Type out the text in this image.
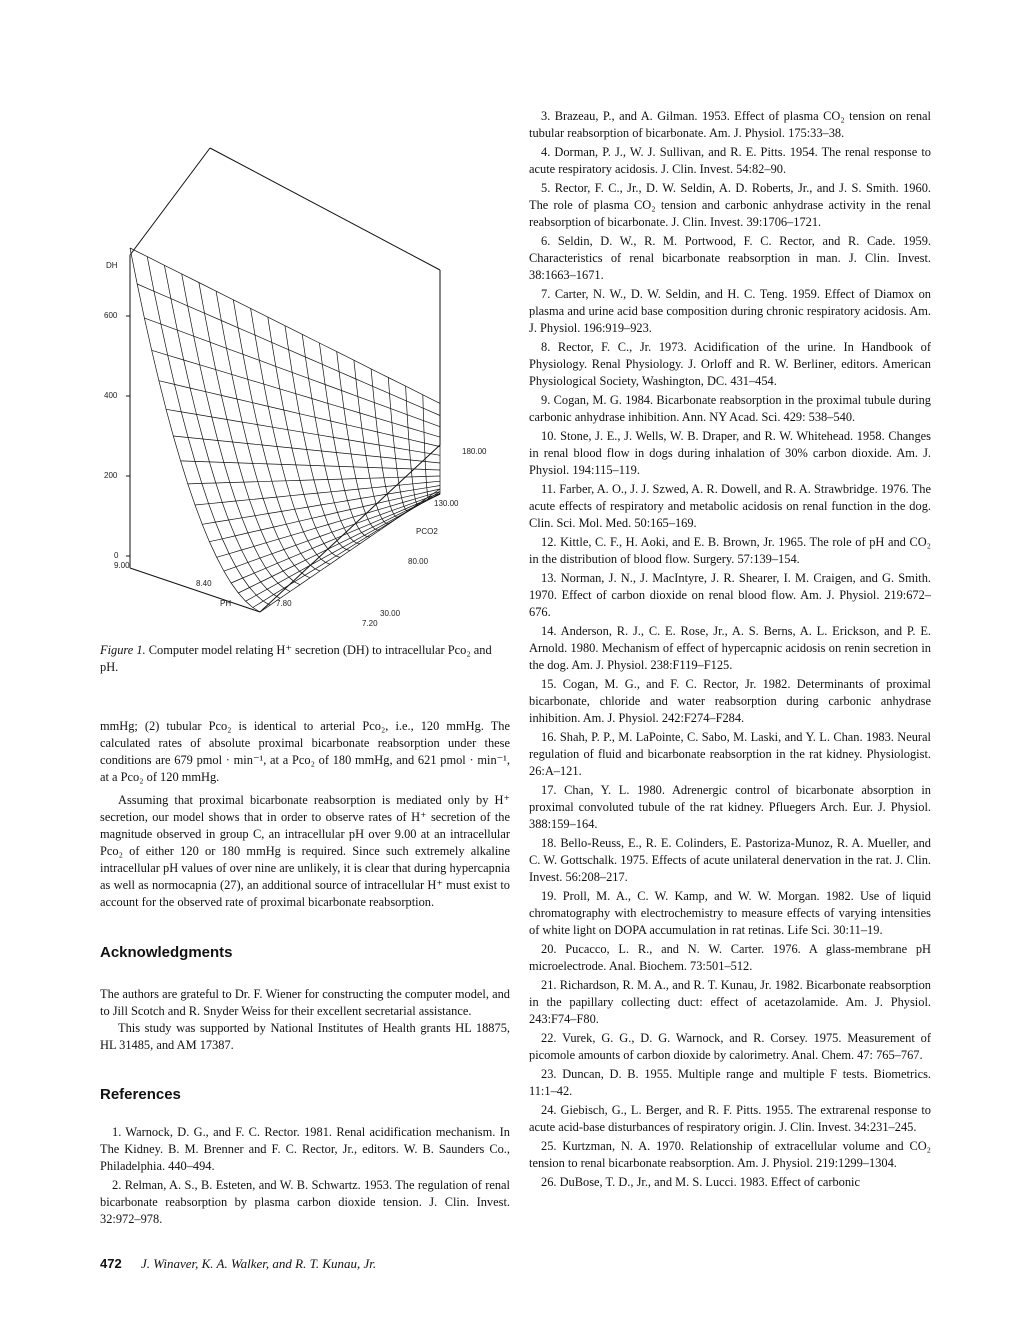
DH
600
400
200
0
9.00
8.40
7.80
7.20
PH
180.00
130.00
80.00
30.00
PCO2
Figure 1. Computer model relating H⁺ secretion (DH) to intracellular Pco₂ and pH.

mmHg; (2) tubular Pco₂ is identical to arterial Pco₂, i.e., 120 mmHg. The calculated rates of absolute proximal bicarbonate reabsorption under these conditions are 679 pmol · min⁻¹, at a Pco₂ of 180 mmHg, and 621 pmol · min⁻¹, at a Pco₂ of 120 mmHg.

Assuming that proximal bicarbonate reabsorption is mediated only by H⁺ secretion, our model shows that in order to observe rates of H⁺ secretion of the magnitude observed in group C, an intracellular pH over 9.00 at an intracellular Pco₂ of either 120 or 180 mmHg is required. Since such extremely alkaline intracellular pH values of over nine are unlikely, it is clear that during hypercapnia as well as normocapnia (27), an additional source of intracellular H⁺ must exist to account for the observed rate of proximal bicarbonate reabsorption.

Acknowledgments

The authors are grateful to Dr. F. Wiener for constructing the computer model, and to Jill Scotch and R. Snyder Weiss for their excellent secretarial assistance.

This study was supported by National Institutes of Health grants HL 18875, HL 31485, and AM 17387.

References

1. Warnock, D. G., and F. C. Rector. 1981. Renal acidification mechanism. In The Kidney. B. M. Brenner and F. C. Rector, Jr., editors. W. B. Saunders Co., Philadelphia. 440–494.

2. Relman, A. S., B. Esteten, and W. B. Schwartz. 1953. The regulation of renal bicarbonate reabsorption by plasma carbon dioxide tension. J. Clin. Invest. 32:972–978.

3. Brazeau, P., and A. Gilman. 1953. Effect of plasma CO₂ tension on renal tubular reabsorption of bicarbonate. Am. J. Physiol. 175:33–38.

4. Dorman, P. J., W. J. Sullivan, and R. E. Pitts. 1954. The renal response to acute respiratory acidosis. J. Clin. Invest. 54:82–90.

5. Rector, F. C., Jr., D. W. Seldin, A. D. Roberts, Jr., and J. S. Smith. 1960. The role of plasma CO₂ tension and carbonic anhydrase activity in the renal reabsorption of bicarbonate. J. Clin. Invest. 39:1706–1721.

6. Seldin, D. W., R. M. Portwood, F. C. Rector, and R. Cade. 1959. Characteristics of renal bicarbonate reabsorption in man. J. Clin. Invest. 38:1663–1671.

7. Carter, N. W., D. W. Seldin, and H. C. Teng. 1959. Effect of Diamox on plasma and urine acid base composition during chronic respiratory acidosis. Am. J. Physiol. 196:919–923.

8. Rector, F. C., Jr. 1973. Acidification of the urine. In Handbook of Physiology. Renal Physiology. J. Orloff and R. W. Berliner, editors. American Physiological Society, Washington, DC. 431–454.

9. Cogan, M. G. 1984. Bicarbonate reabsorption in the proximal tubule during carbonic anhydrase inhibition. Ann. NY Acad. Sci. 429: 538–540.

10. Stone, J. E., J. Wells, W. B. Draper, and R. W. Whitehead. 1958. Changes in renal blood flow in dogs during inhalation of 30% carbon dioxide. Am. J. Physiol. 194:115–119.

11. Farber, A. O., J. J. Szwed, A. R. Dowell, and R. A. Strawbridge. 1976. The acute effects of respiratory and metabolic acidosis on renal function in the dog. Clin. Sci. Mol. Med. 50:165–169.

12. Kittle, C. F., H. Aoki, and E. B. Brown, Jr. 1965. The role of pH and CO₂ in the distribution of blood flow. Surgery. 57:139–154.

13. Norman, J. N., J. MacIntyre, J. R. Shearer, I. M. Craigen, and G. Smith. 1970. Effect of carbon dioxide on renal blood flow. Am. J. Physiol. 219:672–676.

14. Anderson, R. J., C. E. Rose, Jr., A. S. Berns, A. L. Erickson, and P. E. Arnold. 1980. Mechanism of effect of hypercapnic acidosis on renin secretion in the dog. Am. J. Physiol. 238:F119–F125.

15. Cogan, M. G., and F. C. Rector, Jr. 1982. Determinants of proximal bicarbonate, chloride and water reabsorption during carbonic anhydrase inhibition. Am. J. Physiol. 242:F274–F284.

16. Shah, P. P., M. LaPointe, C. Sabo, M. Laski, and Y. L. Chan. 1983. Neural regulation of fluid and bicarbonate reabsorption in the rat kidney. Physiologist. 26:A–121.

17. Chan, Y. L. 1980. Adrenergic control of bicarbonate absorption in proximal convoluted tubule of the rat kidney. Pfluegers Arch. Eur. J. Physiol. 388:159–164.

18. Bello-Reuss, E., R. E. Colinders, E. Pastoriza-Munoz, R. A. Mueller, and C. W. Gottschalk. 1975. Effects of acute unilateral denervation in the rat. J. Clin. Invest. 56:208–217.

19. Proll, M. A., C. W. Kamp, and W. W. Morgan. 1982. Use of liquid chromatography with electrochemistry to measure effects of varying intensities of white light on DOPA accumulation in rat retinas. Life Sci. 30:11–19.

20. Pucacco, L. R., and N. W. Carter. 1976. A glass-membrane pH microelectrode. Anal. Biochem. 73:501–512.

21. Richardson, R. M. A., and R. T. Kunau, Jr. 1982. Bicarbonate reabsorption in the papillary collecting duct: effect of acetazolamide. Am. J. Physiol. 243:F74–F80.

22. Vurek, G. G., D. G. Warnock, and R. Corsey. 1975. Measurement of picomole amounts of carbon dioxide by calorimetry. Anal. Chem. 47: 765–767.

23. Duncan, D. B. 1955. Multiple range and multiple F tests. Biometrics. 11:1–42.

24. Giebisch, G., L. Berger, and R. F. Pitts. 1955. The extrarenal response to acute acid-base disturbances of respiratory origin. J. Clin. Invest. 34:231–245.

25. Kurtzman, N. A. 1970. Relationship of extracellular volume and CO₂ tension to renal bicarbonate reabsorption. Am. J. Physiol. 219:1299–1304.

26. DuBose, T. D., Jr., and M. S. Lucci. 1983. Effect of carbonic

472 J. Winaver, K. A. Walker, and R. T. Kunau, Jr.
